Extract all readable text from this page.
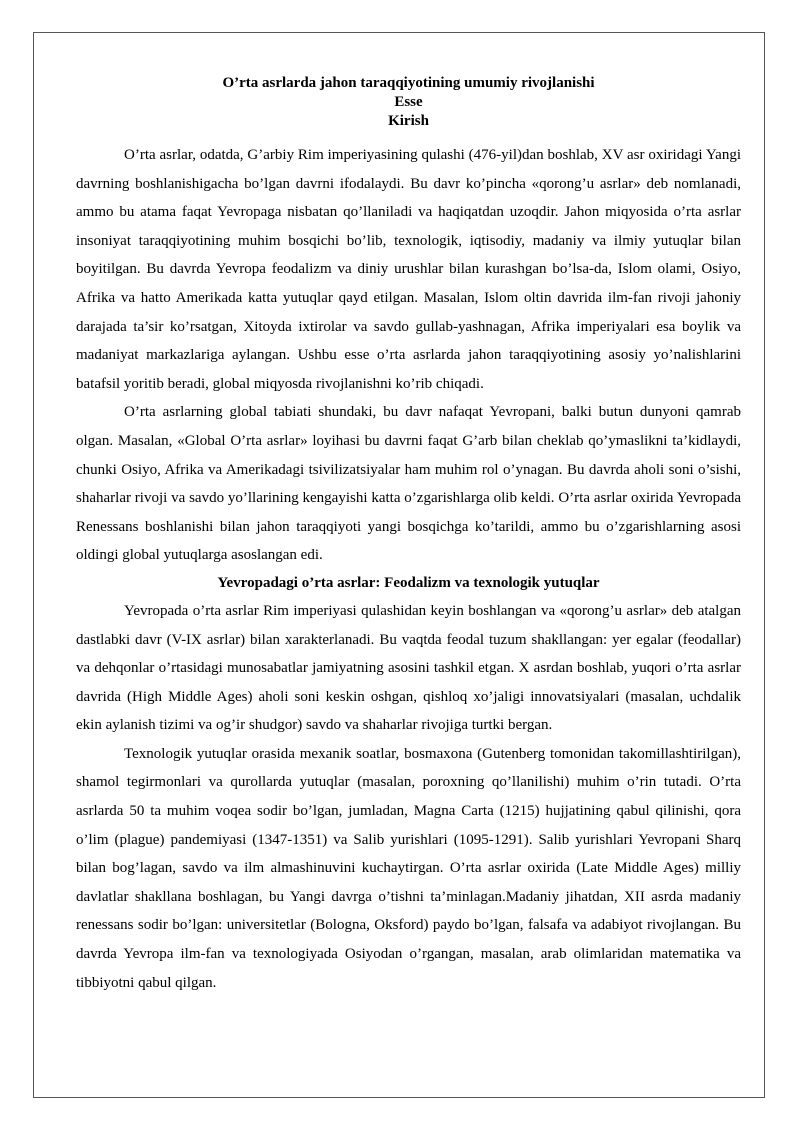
O’rta asrlarda jahon taraqqiyotining umumiy rivojlanishi
Esse
Kirish

O’rta asrlar, odatda, G’arbiy Rim imperiyasining qulashi (476-yil)dan boshlab, XV asr oxiridagi Yangi davrning boshlanishigacha bo’lgan davrni ifodalaydi. Bu davr ko’pincha «qorong’u asrlar» deb nomlanadi, ammo bu atama faqat Yevropaga nisbatan qo’llaniladi va haqiqatdan uzoqdir. Jahon miqyosida o’rta asrlar insoniyat taraqqiyotining muhim bosqichi bo’lib, texnologik, iqtisodiy, madaniy va ilmiy yutuqlar bilan boyitilgan. Bu davrda Yevropa feodalizm va diniy urushlar bilan kurashgan bo’lsa-da, Islom olami, Osiyo, Afrika va hatto Amerikada katta yutuqlar qayd etilgan. Masalan, Islom oltin davrida ilm-fan rivoji jahoniy darajada ta’sir ko’rsatgan, Xitoyda ixtirolar va savdo gullab-yashnagan, Afrika imperiyalari esa boylik va madaniyat markazlariga aylangan. Ushbu esse o’rta asrlarda jahon taraqqiyotining asosiy yo’nalishlarini batafsil yoritib beradi, global miqyosda rivojlanishni ko’rib chiqadi.

O’rta asrlarning global tabiati shundaki, bu davr nafaqat Yevropani, balki butun dunyoni qamrab olgan. Masalan, «Global O’rta asrlar» loyihasi bu davrni faqat G’arb bilan cheklab qo’ymaslikni ta’kidlaydi, chunki Osiyo, Afrika va Amerikadagi tsivilizatsiyalar ham muhim rol o’ynagan. Bu davrda aholi soni o’sishi, shaharlar rivoji va savdo yo’llarining kengayishi katta o’zgarishlarga olib keldi. O’rta asrlar oxirida Yevropada Renessans boshlanishi bilan jahon taraqqiyoti yangi bosqichga ko’tarildi, ammo bu o’zgarishlarning asosi oldingi global yutuqlarga asoslangan edi.

Yevropadagi o’rta asrlar: Feodalizm va texnologik yutuqlar

Yevropada o’rta asrlar Rim imperiyasi qulashidan keyin boshlangan va «qorong’u asrlar» deb atalgan dastlabki davr (V-IX asrlar) bilan xarakterlanadi. Bu vaqtda feodal tuzum shakllangan: yer egalar (feodallar) va dehqonlar o’rtasidagi munosabatlar jamiyatning asosini tashkil etgan. X asrdan boshlab, yuqori o’rta asrlar davrida (High Middle Ages) aholi soni keskin oshgan, qishloq xo’jaligi innovatsiyalari (masalan, uchdalik ekin aylanish tizimi va og’ir shudgor) savdo va shaharlar rivojiga turtki bergan.

Texnologik yutuqlar orasida mexanik soatlar, bosmaxona (Gutenberg tomonidan takomillashtirilgan), shamol tegirmonlari va qurollarda yutuqlar (masalan, poroxning qo’llanilishi) muhim o’rin tutadi. O’rta asrlarda 50 ta muhim voqea sodir bo’lgan, jumladan, Magna Carta (1215) hujjatining qabul qilinishi, qora o’lim (plague) pandemiyasi (1347-1351) va Salib yurishlari (1095-1291). Salib yurishlari Yevropani Sharq bilan bog’lagan, savdo va ilm almashinuvini kuchaytirgan. O’rta asrlar oxirida (Late Middle Ages) milliy davlatlar shakllana boshlagan, bu Yangi davrga o’tishni ta’minlagan.Madaniy jihatdan, XII asrda madaniy renessans sodir bo’lgan: universitetlar (Bologna, Oksford) paydo bo’lgan, falsafa va adabiyot rivojlangan. Bu davrda Yevropa ilm-fan va texnologiyada Osiyodan o’rgangan, masalan, arab olimlaridan matematika va tibbiyotni qabul qilgan.
